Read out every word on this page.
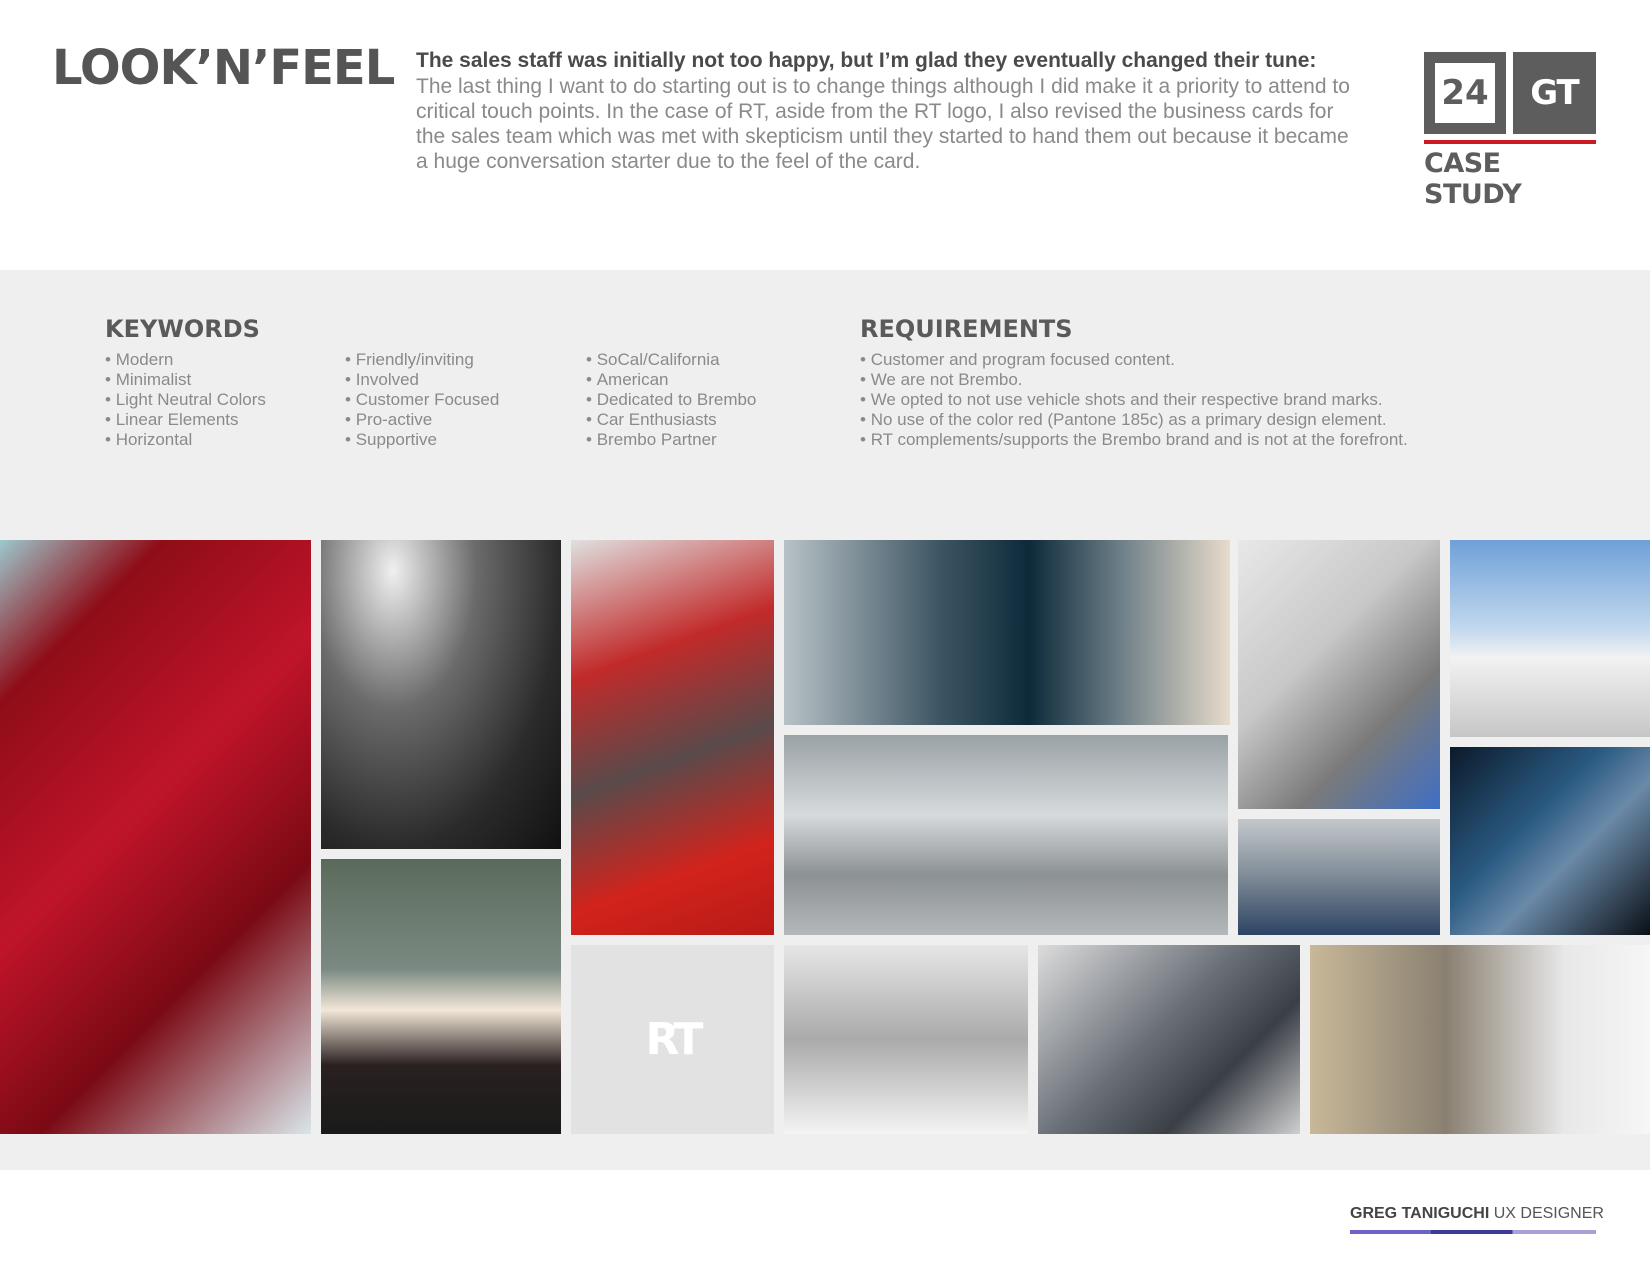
LOOK’N’FEEL The sales staff was initially not too happy, but I’m glad they eventually changed their tune:
The last thing I want to do starting out is to change things although I did make it a priority to attend to critical touch points. In the case of RT, aside from the RT logo, I also revised the business cards for the sales team which was met with skepticism until they started to hand them out because it became a huge conversation starter due to the feel of the card.
24	GT
CASE STUDY
KEYWORDS
• Modern
• Minimalist
• Light Neutral Colors
• Linear Elements
• Horizontal
• Friendly/inviting
• Involved
• Customer Focused
• Pro-active
• Supportive
• SoCal/California
• American
• Dedicated to Brembo
• Car Enthusiasts
• Brembo Partner
REQUIREMENTS
• Customer and program focused content.
• We are not Brembo.
• We opted to not use vehicle shots and their respective brand marks.
• No use of the color red (Pantone 185c) as a primary design element.
• RT complements/supports the Brembo brand and is not at the forefront.
RT
GREG TANIGUCHI UX DESIGNER
